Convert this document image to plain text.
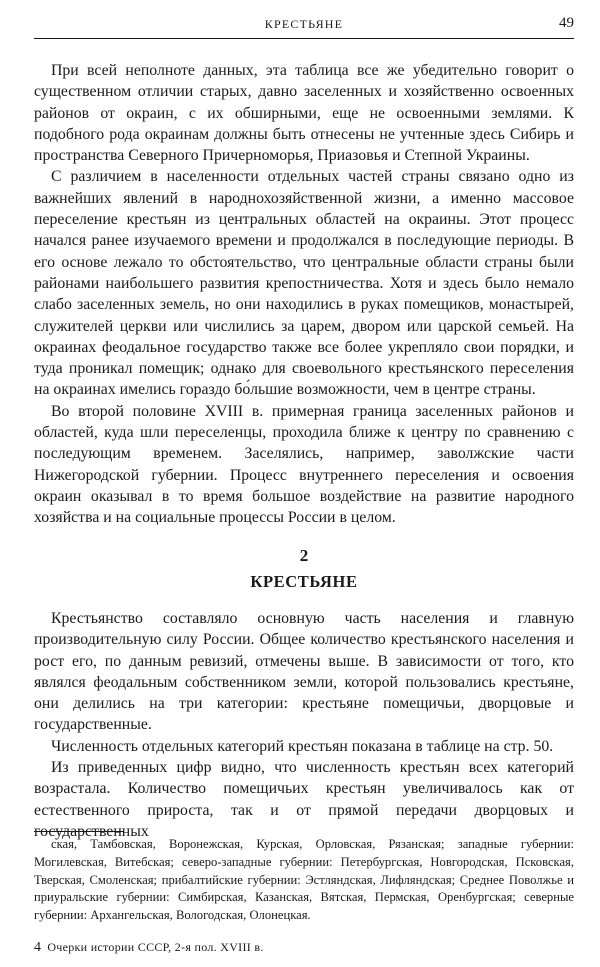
КРЕСТЬЯНЕ	49

При всей неполноте данных, эта таблица все же убедительно говорит о существенном отличии старых, давно заселенных и хозяйственно освоенных районов от окраин, с их обширными, еще не освоенными землями. К подобного рода окраинам должны быть отнесены не учтенные здесь Сибирь и пространства Северного Причерноморья, Приазовья и Степной Украины.

С различием в населенности отдельных частей страны связано одно из важнейших явлений в народнохозяйственной жизни, а именно массовое переселение крестьян из центральных областей на окраины. Этот процесс начался ранее изучаемого времени и продолжался в последующие периоды. В его основе лежало то обстоятельство, что центральные области страны были районами наибольшего развития крепостничества. Хотя и здесь было немало слабо заселенных земель, но они находились в руках помещиков, монастырей, служителей церкви или числились за царем, двором или царской семьей. На окраинах феодальное государство также все более укрепляло свои порядки, и туда проникал помещик; однако для своевольного крестьянского переселения на окраинах имелись гораздо бо́льшие возможности, чем в центре страны.

Во второй половине XVIII в. примерная граница заселенных районов и областей, куда шли переселенцы, проходила ближе к центру по сравнению с последующим временем. Заселялись, например, заволжские части Нижегородской губернии. Процесс внутреннего переселения и освоения окраин оказывал в то время большое воздействие на развитие народного хозяйства и на социальные процессы России в целом.

2
КРЕСТЬЯНЕ

Крестьянство составляло основную часть населения и главную производительную силу России. Общее количество крестьянского населения и рост его, по данным ревизий, отмечены выше. В зависимости от того, кто являлся феодальным собственником земли, которой пользовались крестьяне, они делились на три категории: крестьяне помещичьи, дворцовые и государственные.

Численность отдельных категорий крестьян показана в таблице на стр. 50.

Из приведенных цифр видно, что численность крестьян всех категорий возрастала. Количество помещичьих крестьян увеличивалось как от естественного прироста, так и от прямой передачи дворцовых и государственных

ская, Тамбовская, Воронежская, Курская, Орловская, Рязанская; западные губернии: Могилевская, Витебская; северо-западные губернии: Петербургская, Новгородская, Псковская, Тверская, Смоленская; прибалтийские губернии: Эстляндская, Лифляндская; Среднее Поволжье и приуральские губернии: Симбирская, Казанская, Вятская, Пермская, Оренбургская; северные губернии: Архангельская, Вологодская, Олонецкая.

4 Очерки истории СССР, 2-я пол. XVIII в.
